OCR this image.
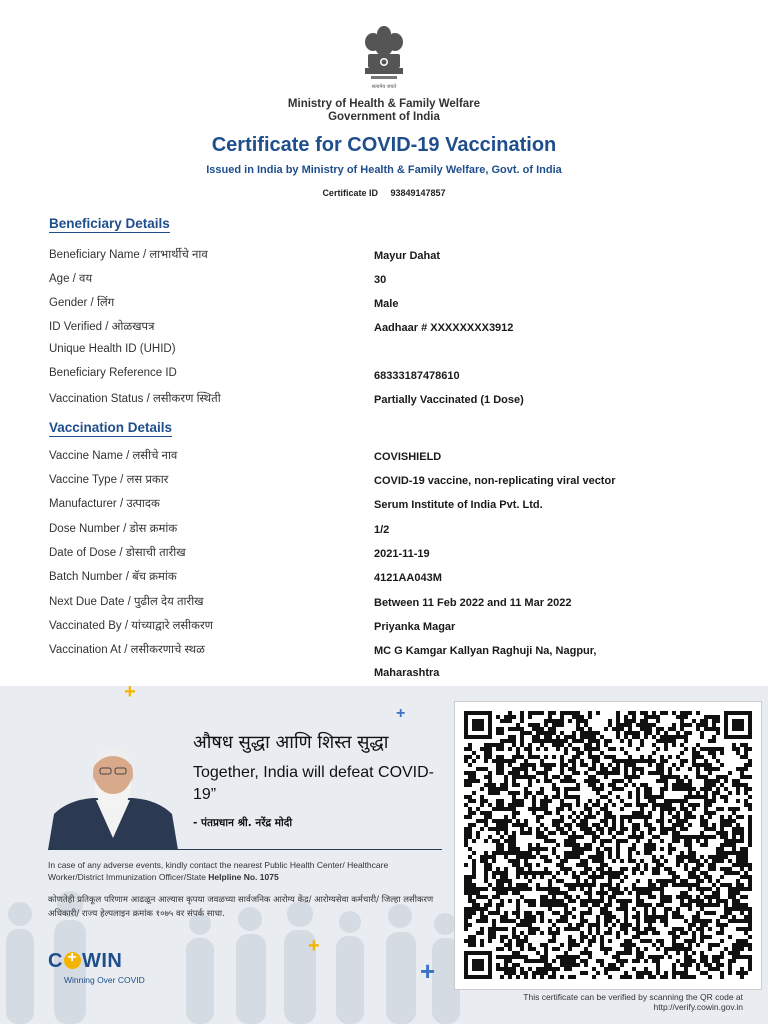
सत्यमेव जयते
Ministry of Health & Family Welfare
Government of India
Certificate for COVID-19 Vaccination
Issued in India by Ministry of Health & Family Welfare, Govt. of India
Certificate ID 93849147857
Beneficiary Details
Beneficiary Name / लाभार्थीचे नाव	Mayur Dahat
Age / वय	30
Gender / लिंग	Male
ID Verified / ओळखपत्र	Aadhaar # XXXXXXXX3912
Unique Health ID (UHID)
Beneficiary Reference ID	68333187478610
Vaccination Status / लसीकरण स्थिती	Partially Vaccinated (1 Dose)
Vaccination Details
Vaccine Name / लसीचे नाव	COVISHIELD
Vaccine Type / लस प्रकार	COVID-19 vaccine, non-replicating viral vector
Manufacturer / उत्पादक	Serum Institute of India Pvt. Ltd.
Dose Number / डोस क्रमांक	1/2
Date of Dose / डोसाची तारीख	2021-11-19
Batch Number / बॅच क्रमांक	4121AA043M
Next Due Date / पुढील देय तारीख	Between 11 Feb 2022 and 11 Mar 2022
Vaccinated By / यांच्याद्वारे लसीकरण	Priyanka Magar
Vaccination At / लसीकरणाचे स्थळ	MC G Kamgar Kallyan Raghuji Na, Nagpur, Maharashtra
+
+
+
+
औषध सुद्धा आणि शिस्त सुद्धा
Together, India will defeat COVID-19”
- पंतप्रधान श्री. नरेंद्र मोदी
In case of any adverse events, kindly contact the nearest Public Health Center/ Healthcare Worker/District Immunization Officer/State Helpline No. 1075
कोणतेही प्रतिकूल परिणाम आढळून आल्यास कृपया जवळच्या सार्वजनिक आरोग्य केंद्र/ आरोग्यसेवा कर्मचारी/ जिल्हा लसीकरण अधिकारी/ राज्य हेल्पलाइन क्रमांक १०७५ वर संपर्क साधा.
C+ WIN
Winning Over COVID
This certificate can be verified by scanning the QR code at
http://verify.cowin.gov.in
